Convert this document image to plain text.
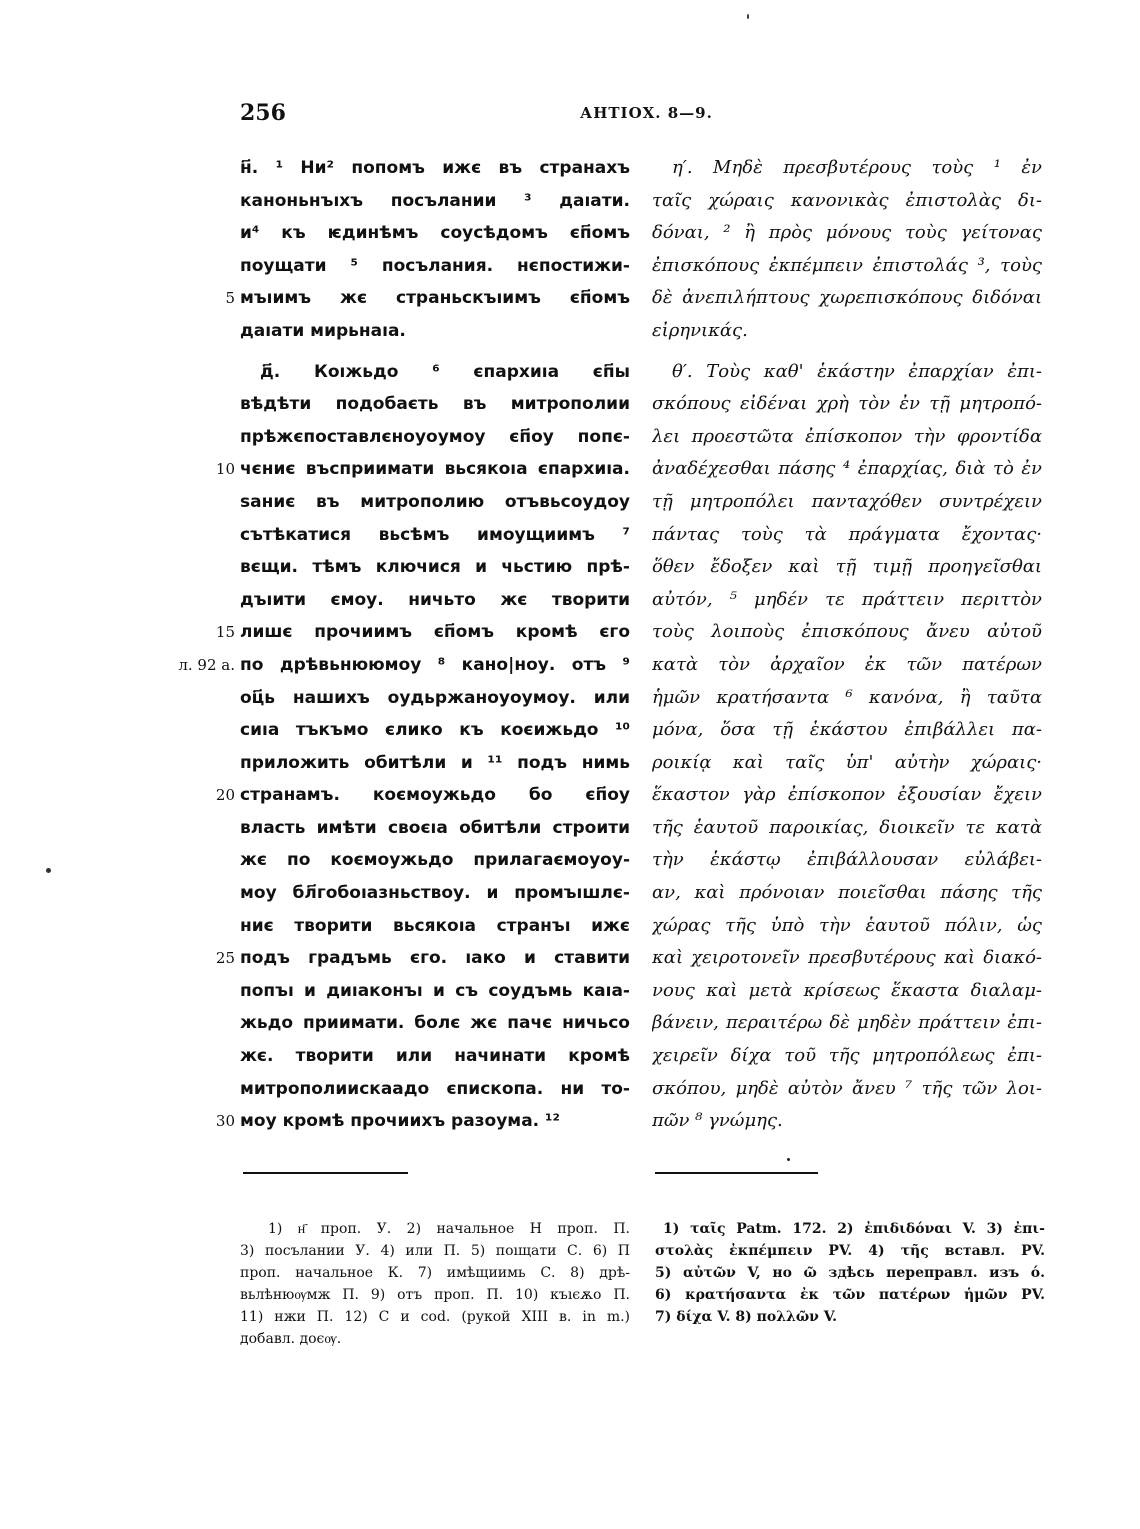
256	АНТІОХ. 8—9.
5
10
15
л. 92 а.
20
25
30
н҃. ¹ Ни² попомъ ижє въ странахъ
каноньнъıхъ посълании ³ даıати.
и⁴ къ ѥдинѣмъ соусѣдомъ єп҃омъ
поущати ⁵ посълания. нєпостижи-
мъıимъ жє страньскъıимъ єп҃омъ
даıати мирьнаıа.
д҃. Коıжьдо ⁶ єпархиıа єп҃ы
вѣдѣти подобаєть въ митрополии
прѣжєпоставлєноуоумоу єп҃оу попє-
чєниє въсприимати вьсякоıа єпархиıа.
ѕаниє въ митрополию отъвьсоудоу
сътѣкатися вьсѣмъ имоущиимъ ⁷
вєщи. тѣмъ ключися и чьстию прѣ-
дъıити ємоу. ничьто жє творити
лишє прочиимъ єп҃омъ кромѣ єго
по дрѣвьнююмоу ⁸ кано|ноу. отъ ⁹
оц҃ь нашихъ оудьржаноуоумоу. или
сиıа тъкъмо єлико къ коєижьдо ¹⁰
приложить обитѣли и ¹¹ подъ нимь
странамъ. коємоужьдо бо єп҃оу
власть имѣти своєıа обитѣли строити
жє по коємоужьдо прилагаємоуоу-
моу бл҃гобоıазньствоу. и промъıшлє-
ниє творити вьсякоıа странъı ижє
подъ градъмь єго. ıако и ставити
попъı и диıаконъı и съ соудъмь каıа-
жьдо приимати. болє жє пачє ничьсо
жє. творити или начинати кромѣ
митрополиискаадо єпископа. ни то-
моу кромѣ прочиихъ разоума. ¹²
η′. Μηδὲ πρεσβυτέρους τοὺς ¹ ἐν
ταῖς χώραις κανονικὰς ἐπιστολὰς δι-
δόναι, ² ἢ πρὸς μόνους τοὺς γείτονας
ἐπισκόπους ἐκπέμπειν ἐπιστολάς ³, τοὺς
δὲ ἀνεπιλήπτους χωρεπισκόπους διδόναι
εἰρηνικάς.
θ′. Τοὺς καθ' ἑκάστην ἐπαρχίαν ἐπι-
σκόπους εἰδέναι χρὴ τὸν ἐν τῇ μητροπό-
λει προεστῶτα ἐπίσκοπον τὴν φροντίδα
ἀναδέχεσθαι πάσης ⁴ ἐπαρχίας, διὰ τὸ ἐν
τῇ μητροπόλει πανταχόθεν συντρέχειν
πάντας τοὺς τὰ πράγματα ἔχοντας·
ὅθεν ἔδοξεν καὶ τῇ τιμῇ προηγεῖσθαι
αὐτόν, ⁵ μηδέν τε πράττειν περιττὸν
τοὺς λοιποὺς ἐπισκόπους ἄνευ αὐτοῦ
κατὰ τὸν ἀρχαῖον ἐκ τῶν πατέρων
ἡμῶν κρατήσαντα ⁶ κανόνα, ἢ ταῦτα
μόνα, ὅσα τῇ ἑκάστου ἐπιβάλλει πα-
ροικίᾳ καὶ ταῖς ὑπ' αὐτὴν χώραις·
ἕκαστον γὰρ ἐπίσκοπον ἐξουσίαν ἔχειν
τῆς ἑαυτοῦ παροικίας, διοικεῖν τε κατὰ
τὴν ἑκάστῳ ἐπιβάλλουσαν εὐλάβει-
αν, καὶ πρόνοιαν ποιεῖσθαι πάσης τῆς
χώρας τῆς ὑπὸ τὴν ἑαυτοῦ πόλιν, ὡς
καὶ χειροτονεῖν πρεσβυτέρους καὶ διακό-
νους καὶ μετὰ κρίσεως ἕκαστα διαλαμ-
βάνειν, περαιτέρω δὲ μηδὲν πράττειν ἐπι-
χειρεῖν δίχα τοῦ τῆς μητροπόλεως ἐπι-
σκόπου, μηδὲ αὐτὸν ἄνευ ⁷ τῆς τῶν λοι-
πῶν ⁸ γνώμης.
1) н҃ проп. У. 2) начальное Н проп. П.
3) посълании У. 4) или П. 5) поıщати С. 6) П
проп. начальное К. 7) имѣщиимь С. 8) дрѣ-
вьлѣнюѹмж П. 9) отъ проп. П. 10) къıєѫо П.
11) нжи П. 12) С и cod. (рукой XIII в. in m.)
добавл. доєѹ.
1) ταῖς Patm. 172. 2) ἐπιδιδόναι V. 3) ἐπι-
στολὰς ἐκπέμπειν PV. 4) τῆς вставл. PV.
5) αὐτῶν V, но ῶ здѣсь переправл. изъ ό.
6) κρατήσαντα ἐκ τῶν πατέρων ἡμῶν PV.
7) δίχα V. 8) πολλῶν V.
